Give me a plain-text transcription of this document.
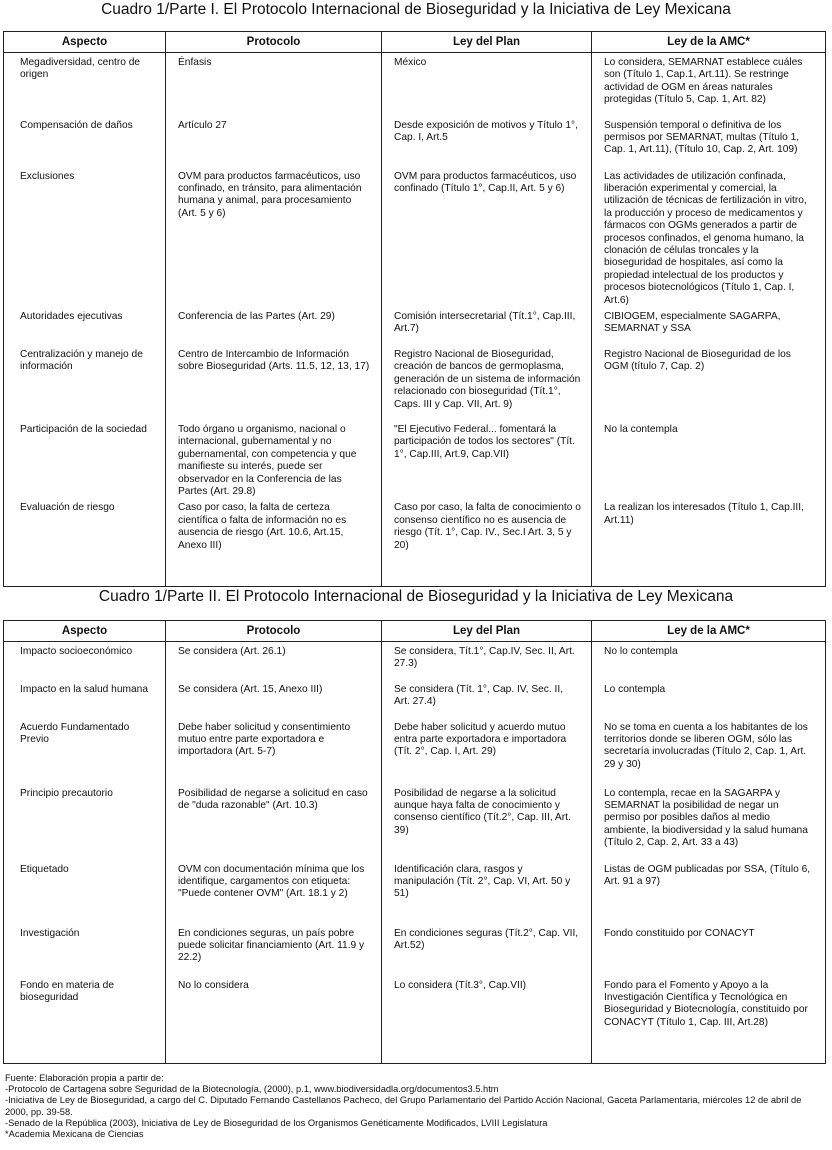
Cuadro 1/Parte I. El Protocolo Internacional de Bioseguridad y la Iniciativa de Ley Mexicana
Aspecto	Protocolo	Ley del Plan	Ley de la AMC*
Megadiversidad, centro de origen	Énfasis	México	Lo considera, SEMARNAT establece cuáles son (Título 1, Cap.1, Art.11). Se restringe actividad de OGM en áreas naturales protegidas (Título 5, Cap. 1, Art. 82)
Compensación de daños	Artículo 27	Desde exposición de motivos y Título 1°, Cap. I, Art.5	Suspensión temporal o definitiva de los permisos por SEMARNAT, multas (Título 1, Cap. 1, Art.11), (Título 10, Cap. 2, Art. 109)
Exclusiones	OVM para productos farmacéuticos, uso confinado, en tránsito, para alimentación humana y animal, para procesamiento (Art. 5 y 6)	OVM para productos farmacéuticos, uso confinado (Título 1°, Cap.II, Art. 5 y 6)	Las actividades de utilización confinada, liberación experimental y comercial, la utilización de técnicas de fertilización in vitro, la producción y proceso de medicamentos y fármacos con OGMs generados a partir de procesos confinados, el genoma humano, la clonación de células troncales y la bioseguridad de hospitales, así como la propiedad intelectual de los productos y procesos biotecnológicos (Título 1, Cap. I, Art.6)
Autoridades ejecutivas	Conferencia de las Partes (Art. 29)	Comisión intersecretarial (Tít.1°, Cap.III, Art.7)	CIBIOGEM, especialmente SAGARPA, SEMARNAT y SSA
Centralización y manejo de información	Centro de Intercambio de Información sobre Bioseguridad (Arts. 11.5, 12, 13, 17)	Registro Nacional de Bioseguridad, creación de bancos de germoplasma, generación de un sistema de información relacionado con bioseguridad (Tít.1°, Caps. III y Cap. VII, Art. 9)	Registro Nacional de Bioseguridad de los OGM (título 7, Cap. 2)
Participación de la sociedad	Todo órgano u organismo, nacional o internacional, gubernamental y no gubernamental, con competencia y que manifieste su interés, puede ser observador en la Conferencia de las Partes (Art. 29.8)	"El Ejecutivo Federal... fomentará la participación de todos los sectores" (Tít. 1°, Cap.III, Art.9, Cap.VII)	No la contempla
Evaluación de riesgo	Caso por caso, la falta de certeza científica o falta de información no es ausencia de riesgo (Art. 10.6, Art.15, Anexo III)	Caso por caso, la falta de conocimiento o consenso científico no es ausencia de riesgo (Tít. 1°, Cap. IV., Sec.I Art. 3, 5 y 20)	La realizan los interesados (Título 1, Cap.III, Art.11)
Cuadro 1/Parte II. El Protocolo Internacional de Bioseguridad y la Iniciativa de Ley Mexicana
Aspecto	Protocolo	Ley del Plan	Ley de la AMC*
Impacto socioeconómico	Se considera (Art. 26.1)	Se considera, Tít.1°, Cap.IV, Sec. II, Art. 27.3)	No lo contempla
Impacto en la salud humana	Se considera (Art. 15, Anexo III)	Se considera (Tít. 1°, Cap. IV, Sec. II, Art. 27.4)	Lo contempla
Acuerdo Fundamentado Previo	Debe haber solicitud y consentimiento mutuo entre parte exportadora e importadora (Art. 5-7)	Debe haber solicitud y acuerdo mutuo entra parte exportadora e importadora (Tít. 2°, Cap. I, Art. 29)	No se toma en cuenta a los habitantes de los territorios donde se liberen OGM, sólo las secretaría involucradas (Título 2, Cap. 1, Art. 29 y 30)
Principio precautorio	Posibilidad de negarse a solicitud en caso de "duda razonable" (Art. 10.3)	Posibilidad de negarse a la solicitud aunque haya falta de conocimiento y consenso científico (Tít.2°, Cap. III, Art. 39)	Lo contempla, recae en la SAGARPA y SEMARNAT la posibilidad de negar un permiso por posibles daños al medio ambiente, la biodiversidad y la salud humana (Título 2, Cap. 2, Art. 33 a 43)
Etiquetado	OVM con documentación mínima que los identifique, cargamentos con etiqueta: "Puede contener OVM" (Art. 18.1 y 2)	Identificación clara, rasgos y manipulación (Tít. 2°, Cap. VI, Art. 50 y 51)	Listas de OGM publicadas por SSA, (Título 6, Art. 91 a 97)
Investigación	En condiciones seguras, un país pobre puede solicitar financiamiento (Art. 11.9 y 22.2)	En condiciones seguras (Tít.2°, Cap. VII, Art.52)	Fondo constituido por CONACYT
Fondo en materia de bioseguridad	No lo considera	Lo considera (Tít.3°, Cap.VII)	Fondo para el Fomento y Apoyo a la Investigación Científica y Tecnológica en Bioseguridad y Biotecnología, constituido por CONACYT (Título 1, Cap. III, Art.28)
Fuente: Elaboración propia a partir de:
-Protocolo de Cartagena sobre Seguridad de la Biotecnología, (2000), p.1, www.biodiversidadla.org/documentos3.5.htm
-Iniciativa de Ley de Bioseguridad, a cargo del C. Diputado Fernando Castellanos Pacheco, del Grupo Parlamentario del Partido Acción Nacional, Gaceta Parlamentaria, miércoles 12 de abril de 2000, pp. 39-58.
-Senado de la República (2003), Iniciativa de Ley de Bioseguridad de los Organismos Genéticamente Modificados, LVIII Legislatura
*Academia Mexicana de Ciencias
